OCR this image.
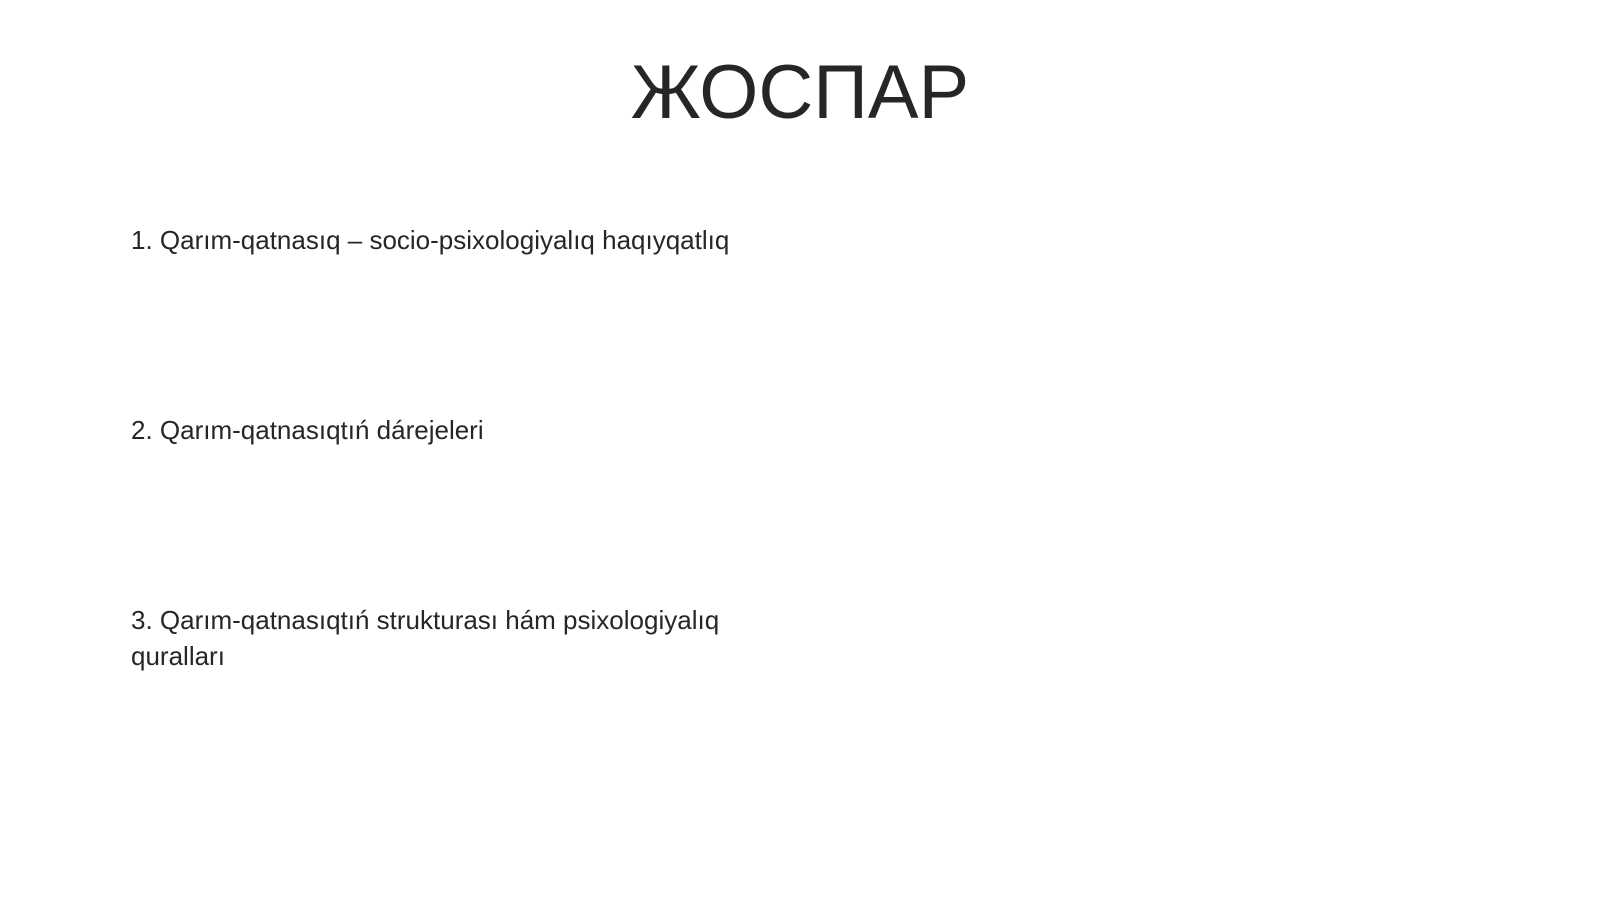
ЖОСПАР

1. Qarım-qatnasıq – socio-psixologiyalıq haqıyqatlıq

2. Qarım-qatnasıqtıń dárejeleri

3. Qarım-qatnasıqtıń strukturası hám psixologiyalıq quralları
